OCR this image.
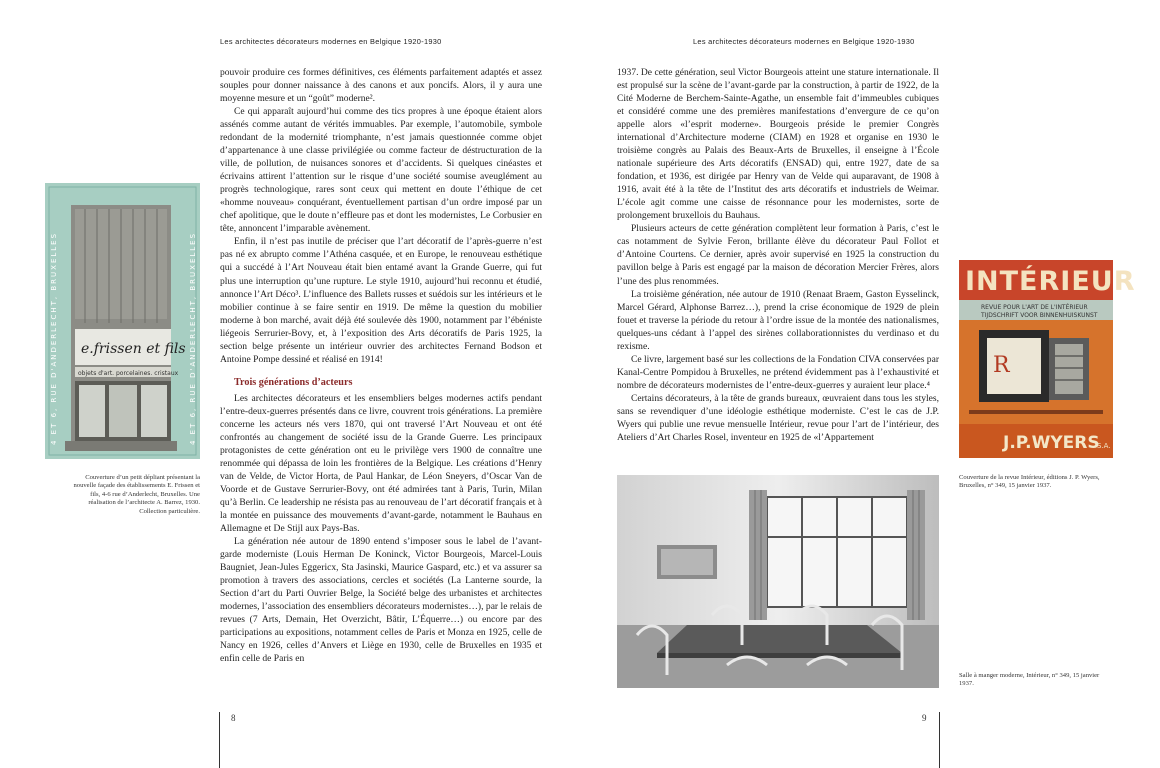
Les architectes décorateurs modernes en Belgique 1920-1930	Les architectes décorateurs modernes en Belgique 1920-1930
e.frissen et fils
objets d'art. porcelaines. cristaux
4 ET 6, RUE D'ANDERLECHT, BRUXELLES	4 ET 6, RUE D'ANDERLECHT, BRUXELLES
Couverture d’un petit dépliant présentant la nouvelle façade des établissements E. Frissen et fils, 4-6 rue d’Anderlecht, Bruxelles. Une réalisation de l’architecte A. Barrez, 1930. Collection particulière.

pouvoir produire ces formes définitives, ces éléments parfaitement adaptés et assez souples pour donner naissance à des canons et aux poncifs. Alors, il y aura une moyenne mesure et un “goût” moderne².

Ce qui apparaît aujourd’hui comme des tics propres à une époque étaient alors assénés comme autant de vérités immuables. Par exemple, l’automobile, symbole redondant de la modernité triomphante, n’est jamais questionnée comme objet d’appartenance à une classe privilégiée ou comme facteur de déstructuration de la ville, de pollution, de nuisances sonores et d’accidents. Si quelques cinéastes et écrivains attirent l’attention sur le risque d’une société soumise aveuglément au progrès technologique, rares sont ceux qui mettent en doute l’éthique de cet «homme nouveau» conquérant, éventuellement partisan d’un ordre imposé par un chef apolitique, que le doute n’effleure pas et dont les modernistes, Le Corbusier en tête, annoncent l’imparable avènement.

Enfin, il n’est pas inutile de préciser que l’art décoratif de l’après-guerre n’est pas né ex abrupto comme l’Athéna casquée, et en Europe, le renouveau esthétique qui a succédé à l’Art Nouveau était bien entamé avant la Grande Guerre, qui fut plus une interruption qu’une rupture. Le style 1910, aujourd’hui reconnu et étudié, annonce l’Art Déco³. L’influence des Ballets russes et suédois sur les intérieurs et le mobilier continue à se faire sentir en 1919. De même la question du mobilier moderne à bon marché, avait déjà été soulevée dès 1900, notamment par l’ébéniste liégeois Serrurier-Bovy, et, à l’exposition des Arts décoratifs de Paris 1925, la section belge présente un intérieur ouvrier des architectes Fernand Bodson et Antoine Pompe dessiné et réalisé en 1914!

Trois générations d’acteurs

Les architectes décorateurs et les ensembliers belges modernes actifs pendant l’entre-deux-guerres présentés dans ce livre, couvrent trois générations. La première concerne les acteurs nés vers 1870, qui ont traversé l’Art Nouveau et ont été confrontés au changement de société issu de la Grande Guerre. Les principaux protagonistes de cette génération ont eu le privilège vers 1900 de connaître une renommée qui dépassa de loin les frontières de la Belgique. Les créations d’Henry van de Velde, de Victor Horta, de Paul Hankar, de Léon Sneyers, d’Oscar Van de Voorde et de Gustave Serrurier-Bovy, ont été admirées tant à Paris, Turin, Milan qu’à Berlin. Ce leadership ne résista pas au renouveau de l’art décoratif français et à la montée en puissance des mouvements d’avant-garde, notamment le Bauhaus en Allemagne et De Stijl aux Pays-Bas.

La génération née autour de 1890 entend s’imposer sous le label de l’avant-garde moderniste (Louis Herman De Koninck, Victor Bourgeois, Marcel-Louis Baugniet, Jean-Jules Eggericx, Sta Jasinski, Maurice Gaspard, etc.) et va assurer sa promotion à travers des associations, cercles et sociétés (La Lanterne sourde, la Section d’art du Parti Ouvrier Belge, la Société belge des urbanistes et architectes modernes, l’association des ensembliers décorateurs modernistes…), par le relais de revues (7 Arts, Demain, Het Overzicht, Bâtir, L’Équerre…) ou encore par des participations au expositions, notamment celles de Paris et Monza en 1925, celle de Nancy en 1926, celles d’Anvers et Liège en 1930, celle de Bruxelles en 1935 et enfin celle de Paris en

1937. De cette génération, seul Victor Bourgeois atteint une stature internationale. Il est propulsé sur la scène de l’avant-garde par la construction, à partir de 1922, de la Cité Moderne de Berchem-Sainte-Agathe, un ensemble fait d’immeubles cubiques et considéré comme une des premières manifestations d’envergure de ce qu’on appelle alors «l’esprit moderne». Bourgeois préside le premier Congrès international d’Architecture moderne (CIAM) en 1928 et organise en 1930 le troisième congrès au Palais des Beaux-Arts de Bruxelles, il enseigne à l’École nationale supérieure des Arts décoratifs (ENSAD) qui, entre 1927, date de sa fondation, et 1936, est dirigée par Henry van de Velde qui auparavant, de 1908 à 1916, avait été à la tête de l’Institut des arts décoratifs et industriels de Weimar. L’école agit comme une caisse de résonnance pour les modernistes, sorte de prolongement bruxellois du Bauhaus.

Plusieurs acteurs de cette génération complètent leur formation à Paris, c’est le cas notamment de Sylvie Feron, brillante élève du décorateur Paul Follot et d’Antoine Courtens. Ce dernier, après avoir supervisé en 1925 la construction du pavillon belge à Paris est engagé par la maison de décoration Mercier Frères, alors l’une des plus renommées.

La troisième génération, née autour de 1910 (Renaat Braem, Gaston Eysselinck, Marcel Gérard, Alphonse Barrez…), prend la crise économique de 1929 de plein fouet et traverse la période du retour à l’ordre issue de la montée des nationalismes, quelques-uns cédant à l’appel des sirènes collaborationnistes du verdinaso et du rexisme.

Ce livre, largement basé sur les collections de la Fondation CIVA conservées par Kanal-Centre Pompidou à Bruxelles, ne prétend évidemment pas à l’exhaustivité et nombre de décorateurs modernistes de l’entre-deux-guerres y auraient leur place.⁴

Certains décorateurs, à la tête de grands bureaux, œuvraient dans tous les styles, sans se revendiquer d’une idéologie esthétique moderniste. C’est le cas de J.P. Wyers qui publie une revue mensuelle Intérieur, revue pour l’art de l’intérieur, des Ateliers d’Art Charles Rosel, inventeur en 1925 de «l’Appartement

INTÉRIEUR
REVUE POUR L'ART DE L'INTÉRIEUR
TIJDSCHRIFT VOOR BINNENHUISKUNST
R
J.P.WYERS
S.A.
Couverture de la revue Intérieur, éditions J. P. Wyers, Bruxelles, n° 349, 15 janvier 1937.
Salle à manger moderne, Intérieur, n° 349, 15 janvier 1937.
8	9
